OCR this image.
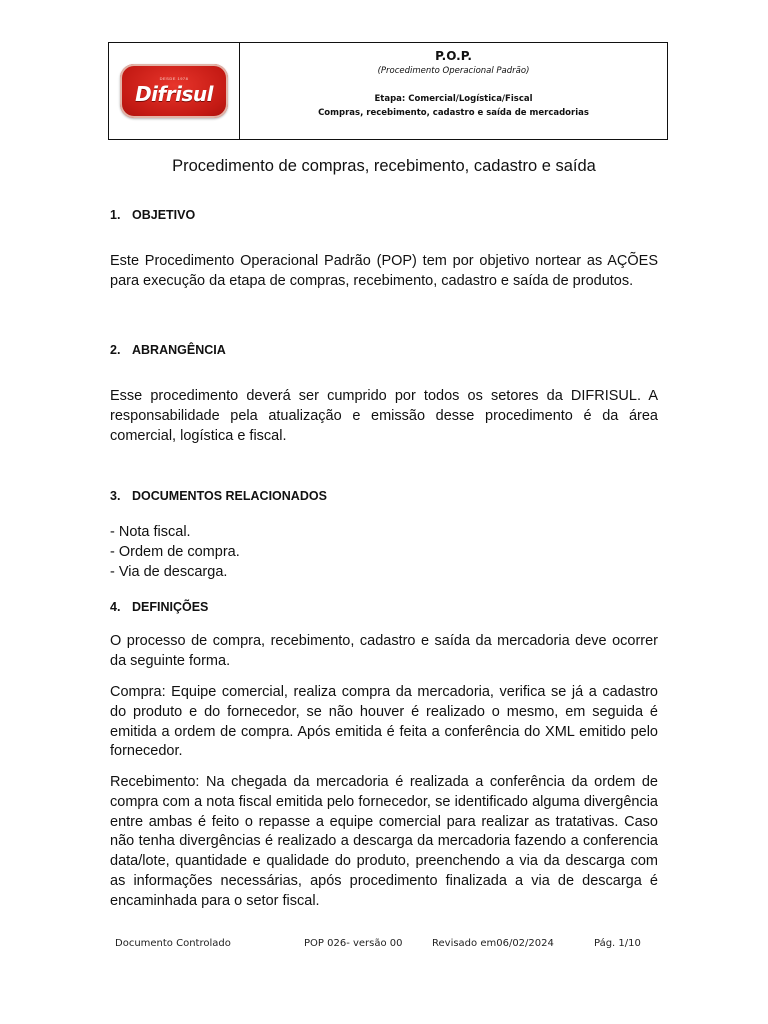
DESDE 1978
Difrisul
P.O.P.
(Procedimento Operacional Padrão)
Etapa: Comercial/Logística/Fiscal
Compras, recebimento, cadastro e saída de mercadorias
Procedimento de compras, recebimento, cadastro e saída
1. OBJETIVO
Este Procedimento Operacional Padrão (POP) tem por objetivo nortear as AÇÕES para execução da etapa de compras, recebimento, cadastro e saída de produtos.
2. ABRANGÊNCIA
Esse procedimento deverá ser cumprido por todos os setores da DIFRISUL. A responsabilidade pela atualização e emissão desse procedimento é da área comercial, logística e fiscal.
3. DOCUMENTOS RELACIONADOS
- Nota fiscal.
- Ordem de compra.
- Via de descarga.
4. DEFINIÇÕES
O processo de compra, recebimento, cadastro e saída da mercadoria deve ocorrer da seguinte forma.
Compra: Equipe comercial, realiza compra da mercadoria, verifica se já a cadastro do produto e do fornecedor, se não houver é realizado o mesmo, em seguida é emitida a ordem de compra. Após emitida é feita a conferência do XML emitido pelo fornecedor.
Recebimento: Na chegada da mercadoria é realizada a conferência da ordem de compra com a nota fiscal emitida pelo fornecedor, se identificado alguma divergência entre ambas é feito o repasse a equipe comercial para realizar as tratativas. Caso não tenha divergências é realizado a descarga da mercadoria fazendo a conferencia data/lote, quantidade e qualidade do produto, preenchendo a via da descarga com as informações necessárias, após procedimento finalizada a via de descarga é encaminhada para o setor fiscal.
Documento Controlado	POP 026- versão 00	Revisado em06/02/2024	Pág. 1/10
